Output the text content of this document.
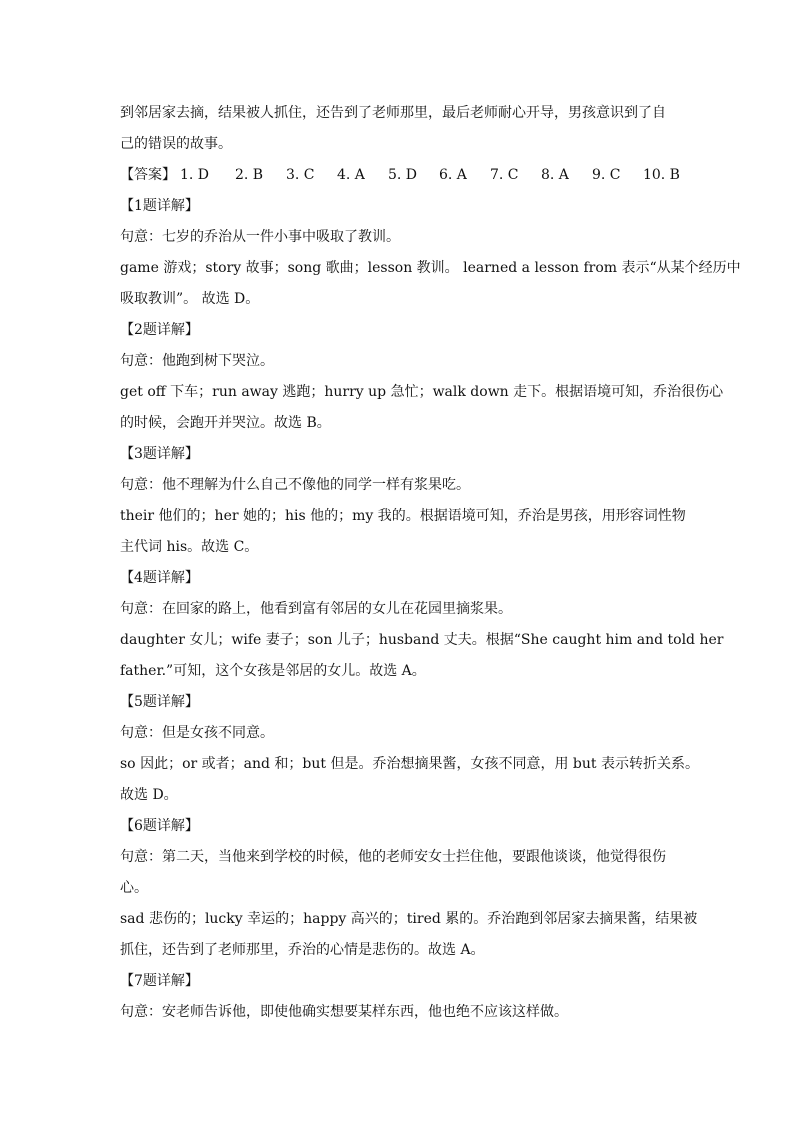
到邻居家去摘，结果被人抓住，还告到了老师那里，最后老师耐心开导，男孩意识到了自
己的错误的故事。
【答案】 1. D	2. B	3. C	4. A	5. D	6. A	7. C	8. A	9. C	10. B
【1题详解】
句意：七岁的乔治从一件小事中吸取了教训。
game 游戏；story 故事；song 歌曲；lesson 教训。 learned a lesson from 表示“从某个经历中
吸取教训”。 故选 D。
【2题详解】
句意：他跑到树下哭泣。
get off 下车；run away 逃跑；hurry up 急忙；walk down 走下。根据语境可知，乔治很伤心
的时候，会跑开并哭泣。故选 B。
【3题详解】
句意：他不理解为什么自己不像他的同学一样有浆果吃。
their 他们的；her 她的；his 他的；my 我的。根据语境可知，乔治是男孩，用形容词性物
主代词 his。故选 C。
【4题详解】
句意：在回家的路上，他看到富有邻居的女儿在花园里摘浆果。
daughter 女儿；wife 妻子；son 儿子；husband 丈夫。根据“She caught him and told her
father.”可知，这个女孩是邻居的女儿。故选 A。
【5题详解】
句意：但是女孩不同意。
so 因此；or 或者；and 和；but 但是。乔治想摘果酱，女孩不同意，用 but 表示转折关系。
故选 D。
【6题详解】
句意：第二天，当他来到学校的时候，他的老师安女士拦住他，要跟他谈谈，他觉得很伤
心。
sad 悲伤的；lucky 幸运的；happy 高兴的；tired 累的。乔治跑到邻居家去摘果酱，结果被
抓住，还告到了老师那里，乔治的心情是悲伤的。故选 A。
【7题详解】
句意：安老师告诉他，即使他确实想要某样东西，他也绝不应该这样做。
